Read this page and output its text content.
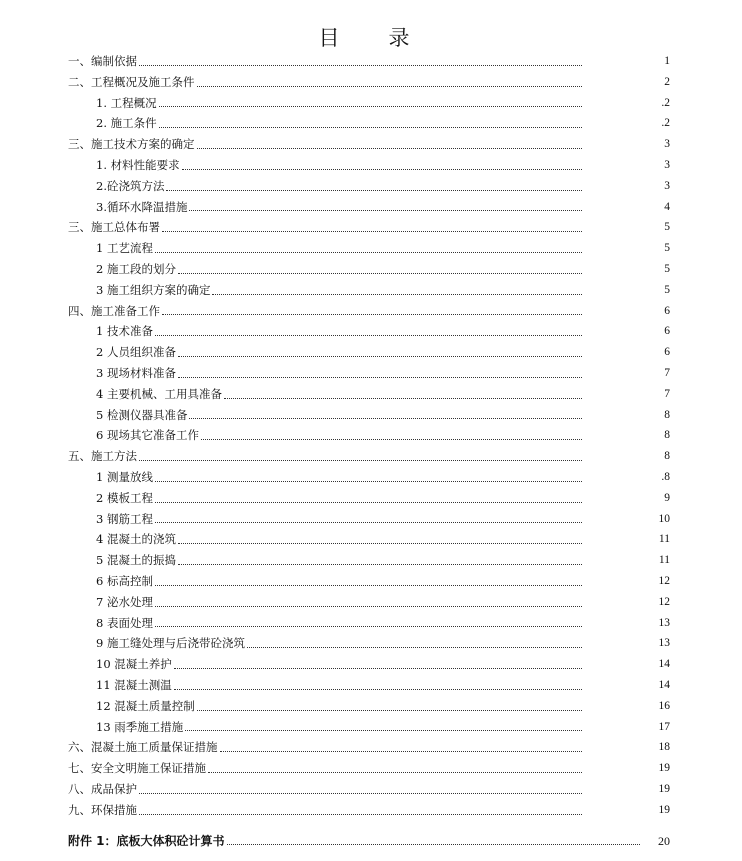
目　录
一、编制依据	1
二、工程概况及施工条件	2
1. 工程概况	.2
2. 施工条件	.2
三、施工技术方案的确定	3
1. 材料性能要求	3
2.砼浇筑方法	3
3.循环水降温措施	4
三、施工总体布署	5
1 工艺流程	5
2 施工段的划分	5
3 施工组织方案的确定	5
四、施工准备工作	6
1 技术准备	6
2 人员组织准备	6
3 现场材料准备	7
4 主要机械、工用具准备	7
5 检测仪器具准备	8
6 现场其它准备工作	8
五、施工方法	8
1 测量放线	.8
2 模板工程	9
3 钢筋工程	10
4 混凝土的浇筑	11
5 混凝土的振捣	11
6 标高控制	12
7 泌水处理	12
8 表面处理	13
9 施工缝处理与后浇带砼浇筑	13
10 混凝土养护	14
11 混凝土测温	14
12 混凝土质量控制	16
13 雨季施工措施	17
六、混凝土施工质量保证措施	18
七、安全文明施工保证措施	19
八、成品保护	19
九、环保措施	19
附件 1：底板大体积砼计算书	20
